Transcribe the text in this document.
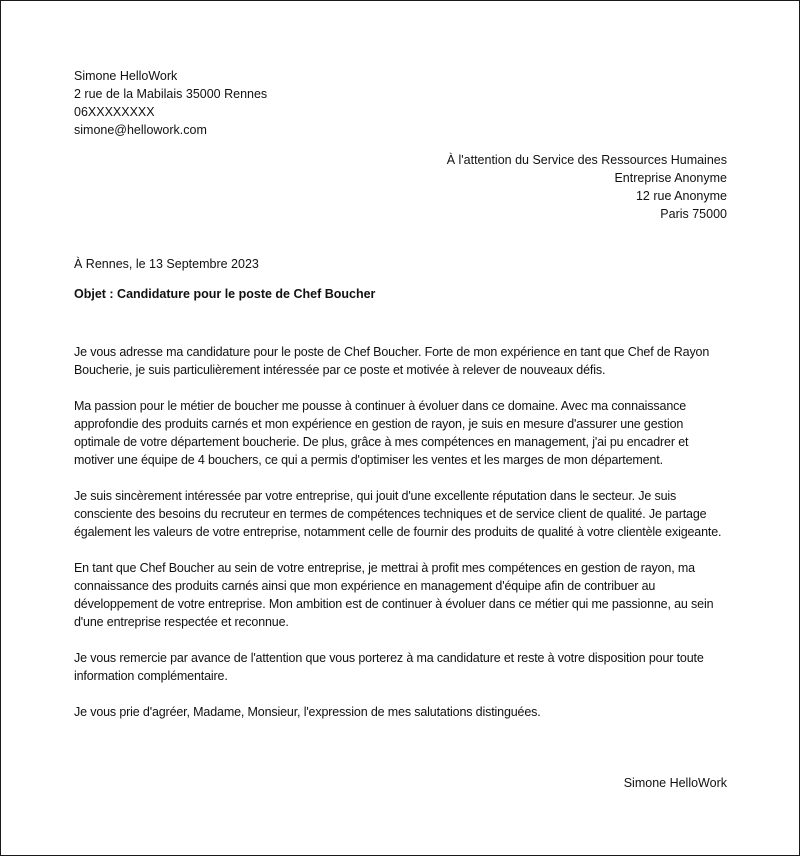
Simone HelloWork
2 rue de la Mabilais 35000 Rennes
06XXXXXXXX
simone@hellowork.com
À l'attention du Service des Ressources Humaines
Entreprise Anonyme
12 rue Anonyme
Paris 75000
À Rennes, le 13 Septembre 2023
Objet : Candidature pour le poste de Chef Boucher

Je vous adresse ma candidature pour le poste de Chef Boucher. Forte de mon expérience en tant que Chef de Rayon Boucherie, je suis particulièrement intéressée par ce poste et motivée à relever de nouveaux défis.

Ma passion pour le métier de boucher me pousse à continuer à évoluer dans ce domaine. Avec ma connaissance approfondie des produits carnés et mon expérience en gestion de rayon, je suis en mesure d'assurer une gestion optimale de votre département boucherie. De plus, grâce à mes compétences en management, j'ai pu encadrer et motiver une équipe de 4 bouchers, ce qui a permis d'optimiser les ventes et les marges de mon département.

Je suis sincèrement intéressée par votre entreprise, qui jouit d'une excellente réputation dans le secteur. Je suis consciente des besoins du recruteur en termes de compétences techniques et de service client de qualité. Je partage également les valeurs de votre entreprise, notamment celle de fournir des produits de qualité à votre clientèle exigeante.

En tant que Chef Boucher au sein de votre entreprise, je mettrai à profit mes compétences en gestion de rayon, ma connaissance des produits carnés ainsi que mon expérience en management d'équipe afin de contribuer au développement de votre entreprise. Mon ambition est de continuer à évoluer dans ce métier qui me passionne, au sein d'une entreprise respectée et reconnue.

Je vous remercie par avance de l'attention que vous porterez à ma candidature et reste à votre disposition pour toute information complémentaire.

Je vous prie d'agréer, Madame, Monsieur, l'expression de mes salutations distinguées.

Simone HelloWork
